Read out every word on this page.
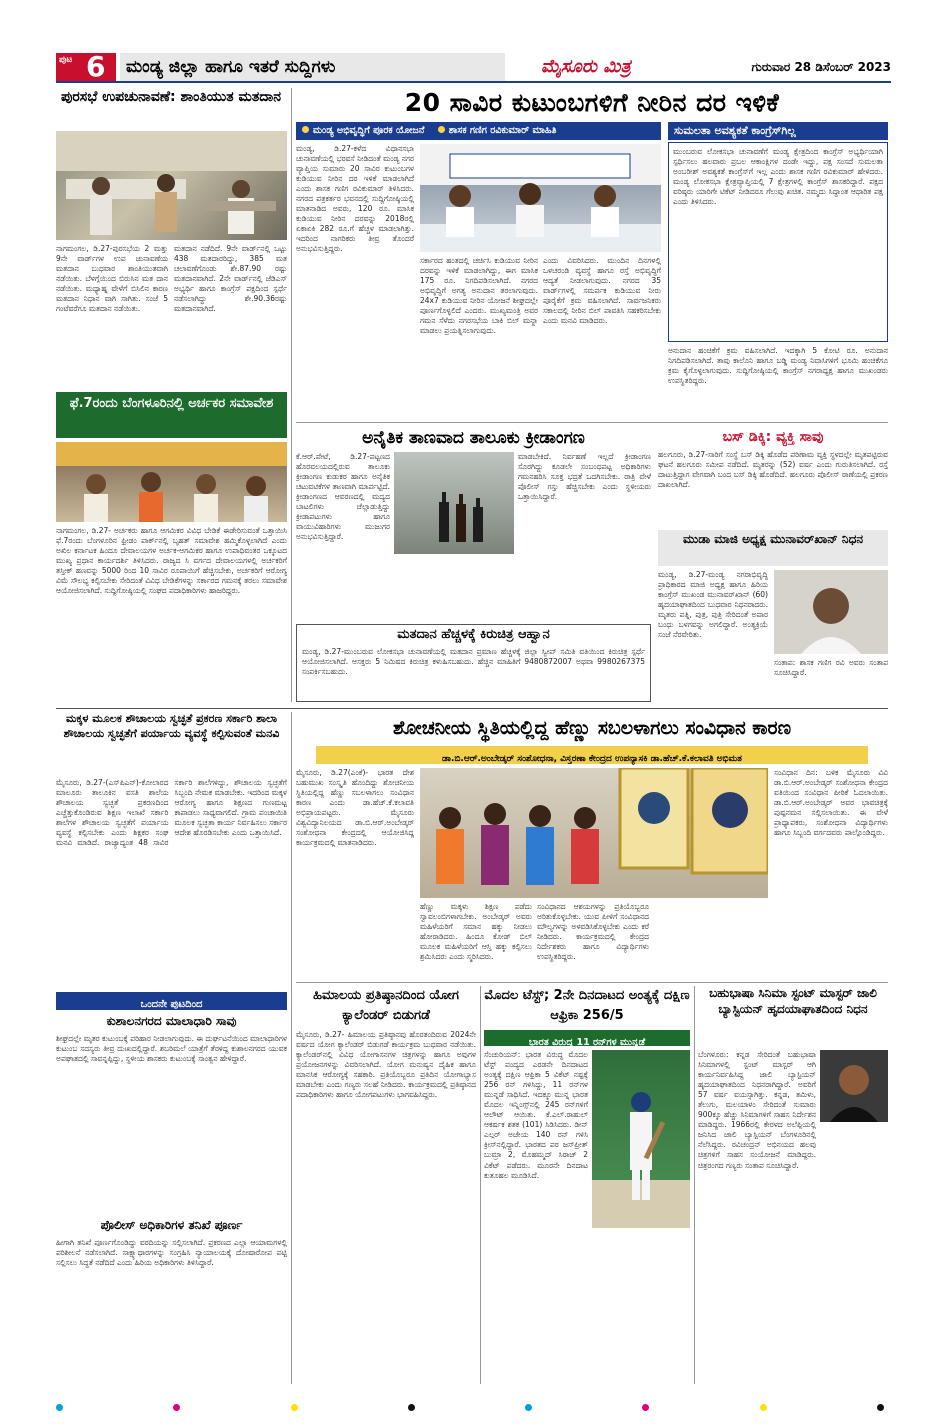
ಪುಟ 6	ಮಂಡ್ಯ ಜಿಲ್ಲಾ ಹಾಗೂ ಇತರೆ ಸುದ್ದಿಗಳು	ಮೈಸೂರು ಮಿತ್ರ	ಗುರುವಾರ 28 ಡಿಸೆಂಬರ್ 2023
ಪುರಸಭೆ ಉಪಚುನಾವಣೆ: ಶಾಂತಿಯುತ ಮತದಾನ
ನಾಗಮಂಗಲ, ಡಿ.27-ಪುರಸಭೆಯ 2 ಮತ್ತು 9ನೇ ವಾರ್ಡ್‌ಗಳ ಉಪ ಚುನಾವಣೆಯ ಮತದಾನ ಬುಧವಾರ ಶಾಂತಿಯುತವಾಗಿ ನಡೆಯಿತು. ಬೆಳಗ್ಗೆಯಿಂದ ಬಿರುಸಿನ ಮತ ದಾನ ನಡೆಯಿತು. ಮಧ್ಯಾಹ್ನ ವೇಳೆಗೆ ಬಿಸಿಲಿನ ಕಾರಣ ಮತದಾನ ನಿಧಾನ ವಾಗಿ ಸಾಗಿತು. ಸಂಜೆ 5 ಗಂಟೆವರೆಗೂ ಮತದಾನ ನಡೆಯಿತು.
ಮತದಾನ ನಡೆದಿದೆ. 9ನೇ ವಾರ್ಡ್‌ನಲ್ಲಿ ಒಟ್ಟು 438 ಮತದಾರರಿದ್ದು, 385 ಮತ ಚಲಾವಣೆಗೊಂಡು ಶೇ.87.90 ರಷ್ಟು ಮತದಾನವಾಗಿದೆ. 2ನೇ ವಾರ್ಡ್‌ನಲ್ಲಿ ಜೆಡಿಎಸ್ ಅಭ್ಯರ್ಥಿ ಹಾಗೂ ಕಾಂಗ್ರೆಸ್ ಪಕ್ಷದಿಂದ ಸ್ಪರ್ಧೆ ನಡೆಸಲಾಗಿದ್ದು ಶೇ.90.36ರಷ್ಟು ಮತದಾನವಾಗಿದೆ.
ಫೆ.7ರಂದು ಬೆಂಗಳೂರಿನಲ್ಲಿ ಅರ್ಚಕರ ಸಮಾವೇಶ
ನಾಗಮಂಗಲ, ಡಿ.27- ಅರ್ಚಕರು ಹಾಗೂ ಆಗಮಿಕರ ವಿವಿಧ ಬೇಡಿಕೆ ಈಡೇರಿಸುವಂತೆ ಒತ್ತಾಯಿಸಿ ಫೆ.7ರಂದು ಬೆಂಗಳೂರಿನ ಫ್ರೀಡಂ ಪಾರ್ಕ್‌ನಲ್ಲಿ ಬೃಹತ್ ಸಮಾವೇಶ ಹಮ್ಮಿಕೊಳ್ಳಲಾಗಿದೆ ಎಂದು ಅಖಿಲ ಕರ್ನಾಟಕ ಹಿಂದೂ ದೇವಾಲಯಗಳ ಅರ್ಚಕ-ಆಗಮಿಕರ ಹಾಗೂ ಉಪಾಧಿವಂತರ ಒಕ್ಕೂಟದ ಮುಖ್ಯ ಪ್ರಧಾನ ಕಾರ್ಯದರ್ಶಿ ತಿಳಿಸಿದರು. ರಾಜ್ಯದ ಸಿ ವರ್ಗದ ದೇವಾಲಯಗಳಲ್ಲಿ ಅರ್ಚಕರಿಗೆ ತಸ್ತೀಕ್ ಹಣವನ್ನು 5000 ರಿಂದ 10 ಸಾವಿರ ರೂಪಾಯಿಗೆ ಹೆಚ್ಚಿಸಬೇಕು, ಅರ್ಚಕರಿಗೆ ಆರೋಗ್ಯ ವಿಮೆ ಸೌಲಭ್ಯ ಕಲ್ಪಿಸಬೇಕು ಸೇರಿದಂತೆ ವಿವಿಧ ಬೇಡಿಕೆಗಳನ್ನು ಸರ್ಕಾರದ ಗಮನಕ್ಕೆ ತರಲು ಸಮಾವೇಶ ಆಯೋಜಿಸಲಾಗಿದೆ. ಸುದ್ದಿಗೋಷ್ಠಿಯಲ್ಲಿ ಸಂಘದ ಪದಾಧಿಕಾರಿಗಳು ಹಾಜರಿದ್ದರು.
20 ಸಾವಿರ ಕುಟುಂಬಗಳಿಗೆ ನೀರಿನ ದರ ಇಳಿಕೆ
ಮಂಡ್ಯ ಅಭಿವೃದ್ಧಿಗೆ ಪೂರಕ ಯೋಜನೆ	ಶಾಸಕ ಗಣಿಗ ರವಿಕುಮಾರ್ ಮಾಹಿತಿ
ಮಂಡ್ಯ, ಡಿ.27-ಕಳೆದ ವಿಧಾನಸಭಾ ಚುನಾವಣೆಯಲ್ಲಿ ಭರವಸೆ ನೀಡಿದಂತೆ ಮಂಡ್ಯ ನಗರ ವ್ಯಾಪ್ತಿಯ ಸುಮಾರು 20 ಸಾವಿರ ಕುಟುಂಬಗಳ ಕುಡಿಯುವ ನೀರಿನ ದರ ಇಳಿಕೆ ಮಾಡಲಾಗಿದೆ ಎಂದು ಶಾಸಕ ಗಣಿಗ ರವಿಕುಮಾರ್ ತಿಳಿಸಿದರು. ನಗರದ ಪತ್ರಕರ್ತರ ಭವನದಲ್ಲಿ ಸುದ್ದಿಗೋಷ್ಠಿಯಲ್ಲಿ ಮಾತನಾಡಿದ ಅವರು, 120 ರೂ. ಮಾಸಿಕ ಕುಡಿಯುವ ನೀರಿನ ದರವನ್ನು 2018ರಲ್ಲಿ ಏಕಾಏಕಿ 282 ರೂ.ಗೆ ಹೆಚ್ಚಳ ಮಾಡಲಾಗಿತ್ತು. ಇದರಿಂದ ನಾಗರಿಕರು ತೀವ್ರ ತೊಂದರೆ ಅನುಭವಿಸುತ್ತಿದ್ದರು.
ಸರ್ಕಾರದ ಹಂತದಲ್ಲಿ ಚರ್ಚಿಸಿ ಕುಡಿಯುವ ನೀರಿನ ದರವನ್ನು ಇಳಿಕೆ ಮಾಡಲಾಗಿದ್ದು, ಈಗ ಮಾಸಿಕ 175 ರೂ. ನಿಗದಿಪಡಿಸಲಾಗಿದೆ. ನಗರದ ಅಭಿವೃದ್ಧಿಗೆ ಅಗತ್ಯ ಅನುದಾನ ತರಲಾಗುವುದು. 24x7 ಕುಡಿಯುವ ನೀರಿನ ಯೋಜನೆ ಶೀಘ್ರದಲ್ಲೇ ಪೂರ್ಣಗೊಳ್ಳಲಿದೆ ಎಂದರು. ಮುಖ್ಯಮಂತ್ರಿ ಅವರ ಗಮನ ಸೆಳೆದು ನಗರಸಭೆಯ ಬಾಕಿ ಬಿಲ್ ಮನ್ನಾ ಮಾಡಲು ಪ್ರಯತ್ನಿಸಲಾಗುವುದು.
ಎಂದು ವಿವರಿಸಿದರು. ಮುಂದಿನ ದಿನಗಳಲ್ಲಿ ಒಳಚರಂಡಿ ವ್ಯವಸ್ಥೆ ಹಾಗೂ ರಸ್ತೆ ಅಭಿವೃದ್ಧಿಗೆ ಆದ್ಯತೆ ನೀಡಲಾಗುವುದು. ನಗರದ 35 ವಾರ್ಡ್‌ಗಳಲ್ಲಿ ಸಮರ್ಪಕ ಕುಡಿಯುವ ನೀರು ಪೂರೈಕೆಗೆ ಕ್ರಮ ವಹಿಸಲಾಗಿದೆ. ಸಾರ್ವಜನಿಕರು ಸಕಾಲದಲ್ಲಿ ನೀರಿನ ಬಿಲ್ ಪಾವತಿಸಿ ಸಹಕರಿಸಬೇಕು ಎಂದು ಮನವಿ ಮಾಡಿದರು.
ಸುಮಲತಾ ಅವಶ್ಯಕತೆ ಕಾಂಗ್ರೆಸ್‌ಗಿಲ್ಲ
ಮುಂಬರುವ ಲೋಕಸಭಾ ಚುನಾವಣೆಗೆ ಮಂಡ್ಯ ಕ್ಷೇತ್ರದಿಂದ ಕಾಂಗ್ರೆಸ್ ಅಭ್ಯರ್ಥಿಯಾಗಿ ಸ್ಪರ್ಧಿಸಲು ಹಲವಾರು ಪ್ರಬಲ ಆಕಾಂಕ್ಷಿಗಳ ದಂಡೇ ಇದ್ದು, ಪಕ್ಷ ಸಂಸದೆ ಸುಮಲತಾ ಅಂಬರೀಶ್ ಅವಶ್ಯಕತೆ ಕಾಂಗ್ರೆಸ್‌ಗೆ ಇಲ್ಲ ಎಂದು ಶಾಸಕ ಗಣಿಗ ರವಿಕುಮಾರ್ ಹೇಳಿದರು. ಮಂಡ್ಯ ಲೋಕಸಭಾ ಕ್ಷೇತ್ರವ್ಯಾಪ್ತಿಯಲ್ಲಿ 7 ಕ್ಷೇತ್ರಗಳಲ್ಲಿ ಕಾಂಗ್ರೆಸ್ ಶಾಸಕರಿದ್ದಾರೆ. ಪಕ್ಷದ ವರಿಷ್ಠರು ಯಾರಿಗೇ ಟಿಕೆಟ್ ನೀಡಿದರೂ ಗೆಲುವು ಖಚಿತ. ನಮ್ಮದು ಸಿದ್ಧಾಂತ ಆಧಾರಿತ ಪಕ್ಷ ಎಂದು ತಿಳಿಸಿದರು.
ಅನುದಾನ ಹಂಚಿಕೆಗೆ ಕ್ರಮ ವಹಿಸಲಾಗಿದೆ. ಇದಕ್ಕಾಗಿ 5 ಕೋಟಿ ರೂ. ಅನುದಾನ ನಿಗದಿಪಡಿಸಲಾಗಿದೆ. ತಾವು ಕಾಲೊನಿ ಹಾಗೂ ಬಡ್ಡಿ ಮಂಡ್ಯ ನಿವಾಸಿಗಳಿಗೆ ಭೂಮಿ ಹಂಚಿಕೆಗೂ ಕ್ರಮ ಕೈಗೊಳ್ಳಲಾಗುವುದು. ಸುದ್ದಿಗೋಷ್ಠಿಯಲ್ಲಿ ಕಾಂಗ್ರೆಸ್ ನಗರಾಧ್ಯಕ್ಷ ಹಾಗೂ ಮುಖಂಡರು ಉಪಸ್ಥಿತರಿದ್ದರು.
ಅನೈತಿಕ ತಾಣವಾದ ತಾಲೂಕು ಕ್ರೀಡಾಂಗಣ
ಕೆ.ಆರ್.ಪೇಟೆ, ಡಿ.27-ಪಟ್ಟಣದ ಹೊರವಲಯದಲ್ಲಿರುವ ತಾಲೂಕು ಕ್ರೀಡಾಂಗಣ ಕುಡುಕರ ಹಾಗೂ ಅನೈತಿಕ ಚಟುವಟಿಕೆಗಳ ತಾಣವಾಗಿ ಮಾರ್ಪಟ್ಟಿದೆ. ಕ್ರೀಡಾಂಗಣದ ಆವರಣದಲ್ಲಿ ಮದ್ಯದ ಬಾಟಲಿಗಳು ಚೆಲ್ಲಾಡುತ್ತಿದ್ದು ಕ್ರೀಡಾಪಟುಗಳು ಹಾಗೂ ವಾಯುವಿಹಾರಿಗಳು ಮುಜುಗರ ಅನುಭವಿಸುತ್ತಿದ್ದಾರೆ.
ಮಾಡಬೇಕಿದೆ. ನಿರ್ವಹಣೆ ಇಲ್ಲದೆ ಕ್ರೀಡಾಂಗಣ ಸೊರಗಿದ್ದು ಕೂಡಲೇ ಸಂಬಂಧಪಟ್ಟ ಅಧಿಕಾರಿಗಳು ಗಮನಹರಿಸಿ ಸೂಕ್ತ ಭದ್ರತೆ ಒದಗಿಸಬೇಕು. ರಾತ್ರಿ ವೇಳೆ ಪೊಲೀಸ್ ಗಸ್ತು ಹೆಚ್ಚಿಸಬೇಕು ಎಂದು ಸ್ಥಳೀಯರು ಒತ್ತಾಯಿಸಿದ್ದಾರೆ.
ಮತದಾನ ಹೆಚ್ಚಳಕ್ಕೆ ಕಿರುಚಿತ್ರ ಆಹ್ವಾನ
ಮಂಡ್ಯ, ಡಿ.27-ಮುಂಬರುವ ಲೋಕಸಭಾ ಚುನಾವಣೆಯಲ್ಲಿ ಮತದಾನ ಪ್ರಮಾಣ ಹೆಚ್ಚಳಕ್ಕೆ ಜಿಲ್ಲಾ ಸ್ವೀಪ್ ಸಮಿತಿ ವತಿಯಿಂದ ಕಿರುಚಿತ್ರ ಸ್ಪರ್ಧೆ ಆಯೋಜಿಸಲಾಗಿದೆ. ಆಸಕ್ತರು 5 ನಿಮಿಷದ ಕಿರುಚಿತ್ರ ಕಳುಹಿಸಬಹುದು. ಹೆಚ್ಚಿನ ಮಾಹಿತಿಗೆ 9480872007 ಅಥವಾ 9980267375 ಸಂಪರ್ಕಿಸಬಹುದು.
ಬಸ್ ಡಿಕ್ಕಿ: ವ್ಯಕ್ತಿ ಸಾವು
ಹಲಗೂರು, ಡಿ.27-ಸಾರಿಗೆ ಸಂಸ್ಥೆ ಬಸ್ ಡಿಕ್ಕಿ ಹೊಡೆದ ಪರಿಣಾಮ ವ್ಯಕ್ತಿ ಸ್ಥಳದಲ್ಲೇ ಮೃತಪಟ್ಟಿರುವ ಘಟನೆ ಹಲಗೂರು ಸಮೀಪ ನಡೆದಿದೆ. ಮೃತರನ್ನು (52) ವರ್ಷ ಎಂದು ಗುರುತಿಸಲಾಗಿದೆ. ರಸ್ತೆ ದಾಟುತ್ತಿದ್ದಾಗ ವೇಗವಾಗಿ ಬಂದ ಬಸ್ ಡಿಕ್ಕಿ ಹೊಡೆದಿದೆ. ಹಲಗೂರು ಪೊಲೀಸ್ ಠಾಣೆಯಲ್ಲಿ ಪ್ರಕರಣ ದಾಖಲಾಗಿದೆ.
ಮುಡಾ ಮಾಜಿ ಅಧ್ಯಕ್ಷ ಮುನಾವರ್‌ಖಾನ್ ನಿಧನ
ಮಂಡ್ಯ, ಡಿ.27-ಮಂಡ್ಯ ನಗರಾಭಿವೃದ್ಧಿ ಪ್ರಾಧಿಕಾರದ ಮಾಜಿ ಅಧ್ಯಕ್ಷ ಹಾಗೂ ಹಿರಿಯ ಕಾಂಗ್ರೆಸ್ ಮುಖಂಡ ಮುನಾವರ್‌ಖಾನ್ (60) ಹೃದಯಾಘಾತದಿಂದ ಬುಧವಾರ ನಿಧನರಾದರು. ಮೃತರು ಪತ್ನಿ, ಪುತ್ರ, ಪುತ್ರಿ ಸೇರಿದಂತೆ ಅಪಾರ ಬಂಧು ಬಳಗವನ್ನು ಅಗಲಿದ್ದಾರೆ. ಅಂತ್ಯಕ್ರಿಯೆ ಸಂಜೆ ನೆರವೇರಿತು.
ಸಂತಾಪ: ಶಾಸಕ ಗಣಿಗ ರವಿ ಅವರು ಸಂತಾಪ ಸೂಚಿಸಿದ್ದಾರೆ.
ಮಕ್ಕಳ ಮೂಲಕ ಶೌಚಾಲಯ ಸ್ವಚ್ಛತೆ ಪ್ರಕರಣ ಸರ್ಕಾರಿ ಶಾಲಾ ಶೌಚಾಲಯ ಸ್ವಚ್ಛತೆಗೆ ಪರ್ಯಾಯ ವ್ಯವಸ್ಥೆ ಕಲ್ಪಿಸುವಂತೆ ಮನವಿ
ಮೈಸೂರು, ಡಿ.27-(ಎಸ್‌ಪಿಎನ್)-ಕೋಲಾರದ ಮಾಲೂರು ತಾಲೂಕಿನ ವಸತಿ ಶಾಲೆಯ ಶೌಚಾಲಯ ಸ್ವಚ್ಛತೆ ಪ್ರಕರಣದಿಂದ ಎಚ್ಚೆತ್ತುಕೊಂಡಿರುವ ಶಿಕ್ಷಣ ಇಲಾಖೆ ಸರ್ಕಾರಿ ಶಾಲೆಗಳ ಶೌಚಾಲಯ ಸ್ವಚ್ಛತೆಗೆ ಪರ್ಯಾಯ ವ್ಯವಸ್ಥೆ ಕಲ್ಪಿಸಬೇಕು ಎಂದು ಶಿಕ್ಷಕರ ಸಂಘ ಮನವಿ ಮಾಡಿದೆ. ರಾಜ್ಯಾದ್ಯಂತ 48 ಸಾವಿರ ಸರ್ಕಾರಿ ಶಾಲೆಗಳಿದ್ದು, ಶೌಚಾಲಯ ಸ್ವಚ್ಛತೆಗೆ ಸಿಬ್ಬಂದಿ ನೇಮಕ ಮಾಡಬೇಕು. ಇದರಿಂದ ಮಕ್ಕಳ ಆರೋಗ್ಯ ಹಾಗೂ ಶಿಕ್ಷಣದ ಗುಣಮಟ್ಟ ಕಾಪಾಡಲು ಸಾಧ್ಯವಾಗಲಿದೆ. ಗ್ರಾಮ ಪಂಚಾಯಿತಿ ಮೂಲಕ ಸ್ವಚ್ಛತಾ ಕಾರ್ಯ ನಿರ್ವಹಿಸಲು ಸರ್ಕಾರ ಆದೇಶ ಹೊರಡಿಸಬೇಕು ಎಂದು ಒತ್ತಾಯಿಸಿದೆ.
ಒಂದನೇ ಪುಟದಿಂದ
ಕುಶಾಲನಗರದ ಮಾಲಾಧಾರಿ ಸಾವು
ಶೀಘ್ರದಲ್ಲೇ ಮೃತರ ಕುಟುಂಬಕ್ಕೆ ಪರಿಹಾರ ನೀಡಲಾಗುವುದು. ಈ ದುರ್ಘಟನೆಯಿಂದ ಮಾಲಾಧಾರಿಗಳ ಕುಟುಂಬ ಸದಸ್ಯರು ತೀವ್ರ ದುಃಖದಲ್ಲಿದ್ದಾರೆ. ಶಬರಿಮಲೆ ಯಾತ್ರೆಗೆ ತೆರಳಿದ್ದ ಕುಶಾಲನಗರದ ಯುವಕ ಅಪಘಾತದಲ್ಲಿ ಸಾವನ್ನಪ್ಪಿದ್ದು, ಸ್ಥಳೀಯ ಶಾಸಕರು ಕುಟುಂಬಕ್ಕೆ ಸಾಂತ್ವನ ಹೇಳಿದ್ದಾರೆ.
ಪೊಲೀಸ್ ಅಧಿಕಾರಿಗಳ ತನಿಖೆ ಪೂರ್ಣ
ಹೀಗಾಗಿ ತನಿಖೆ ಪೂರ್ಣಗೊಂಡಿದ್ದು ವರದಿಯನ್ನು ಸಲ್ಲಿಸಲಾಗಿದೆ. ಪ್ರಕರಣದ ಎಲ್ಲಾ ಆಯಾಮಗಳಲ್ಲಿ ಪರಿಶೀಲನೆ ನಡೆಸಲಾಗಿದೆ. ಸಾಕ್ಷ್ಯಾಧಾರಗಳನ್ನು ಸಂಗ್ರಹಿಸಿ ನ್ಯಾಯಾಲಯಕ್ಕೆ ದೋಷಾರೋಪ ಪಟ್ಟಿ ಸಲ್ಲಿಸಲು ಸಿದ್ಧತೆ ನಡೆದಿದೆ ಎಂದು ಹಿರಿಯ ಅಧಿಕಾರಿಗಳು ತಿಳಿಸಿದ್ದಾರೆ.
ಶೋಚನೀಯ ಸ್ಥಿತಿಯಲ್ಲಿದ್ದ ಹೆಣ್ಣು ಸಬಲಳಾಗಲು ಸಂವಿಧಾನ ಕಾರಣ
ಡಾ.ಬಿ.ಆರ್.ಅಂಬೇಡ್ಕರ್ ಸಂಶೋಧನಾ, ವಿಸ್ತರಣಾ ಕೇಂದ್ರದ ಉಪನ್ಯಾಸಕಿ ಡಾ.ಹೆಚ್.ಕೆ.ಕಲಾವತಿ ಅಭಿಮತ
ಮೈಸೂರು, ಡಿ.27(ಎಂಕೆ)- ಭಾರತ ದೇಶ ಬಹುಮುಖ ಸಂಸ್ಕೃತಿ ಹೊಂದಿದ್ದು ಶೋಚನೀಯ ಸ್ಥಿತಿಯಲ್ಲಿದ್ದ ಹೆಣ್ಣು ಸಬಲಳಾಗಲು ಸಂವಿಧಾನ ಕಾರಣ ಎಂದು ಡಾ.ಹೆಚ್.ಕೆ.ಕಲಾವತಿ ಅಭಿಪ್ರಾಯಪಟ್ಟರು. ಮೈಸೂರು ವಿಶ್ವವಿದ್ಯಾನಿಲಯದ ಡಾ.ಬಿ.ಆರ್.ಅಂಬೇಡ್ಕರ್ ಸಂಶೋಧನಾ ಕೇಂದ್ರದಲ್ಲಿ ಆಯೋಜಿಸಿದ್ದ ಕಾರ್ಯಕ್ರಮದಲ್ಲಿ ಮಾತನಾಡಿದರು.
ಹೆಣ್ಣು ಮಕ್ಕಳು ಶಿಕ್ಷಣ ಪಡೆದು ಸ್ವಾವಲಂಬಿಗಳಾಗಬೇಕು. ಅಂಬೇಡ್ಕರ್ ಅವರು ಮಹಿಳೆಯರಿಗೆ ಸಮಾನ ಹಕ್ಕು ನೀಡಲು ಹೋರಾಡಿದರು. ಹಿಂದೂ ಕೋಡ್ ಬಿಲ್ ಮೂಲಕ ಮಹಿಳೆಯರಿಗೆ ಆಸ್ತಿ ಹಕ್ಕು ಕಲ್ಪಿಸಲು ಶ್ರಮಿಸಿದರು ಎಂದು ಸ್ಮರಿಸಿದರು.
ಸಂವಿಧಾನದ ಆಶಯಗಳನ್ನು ಪ್ರತಿಯೊಬ್ಬರೂ ಅರಿತುಕೊಳ್ಳಬೇಕು. ಯುವ ಪೀಳಿಗೆ ಸಂವಿಧಾನದ ಮೌಲ್ಯಗಳನ್ನು ಅಳವಡಿಸಿಕೊಳ್ಳಬೇಕು ಎಂದು ಕರೆ ನೀಡಿದರು. ಕಾರ್ಯಕ್ರಮದಲ್ಲಿ ಕೇಂದ್ರದ ನಿರ್ದೇಶಕರು ಹಾಗೂ ವಿದ್ಯಾರ್ಥಿಗಳು ಉಪಸ್ಥಿತರಿದ್ದರು.
ಸಂವಿಧಾನ ದಿನ: ಬಳಿಕ ಮೈಸೂರು ವಿವಿ ಡಾ.ಬಿ.ಆರ್.ಅಂಬೇಡ್ಕರ್ ಸಂಶೋಧನಾ ಕೇಂದ್ರದ ವತಿಯಿಂದ ಸಂವಿಧಾನ ಪೀಠಿಕೆ ಓದಲಾಯಿತು. ಡಾ.ಬಿ.ಆರ್.ಅಂಬೇಡ್ಕರ್ ಅವರ ಭಾವಚಿತ್ರಕ್ಕೆ ಪುಷ್ಪನಮನ ಸಲ್ಲಿಸಲಾಯಿತು. ಈ ವೇಳೆ ಪ್ರಾಧ್ಯಾಪಕರು, ಸಂಶೋಧನಾ ವಿದ್ಯಾರ್ಥಿಗಳು ಹಾಗೂ ಸಿಬ್ಬಂದಿ ವರ್ಗದವರು ಪಾಲ್ಗೊಂಡಿದ್ದರು.
ಹಿಮಾಲಯ ಪ್ರತಿಷ್ಠಾನದಿಂದ ಯೋಗ ಕ್ಯಾಲೆಂಡರ್ ಬಿಡುಗಡೆ
ಮೈಸೂರು, ಡಿ.27- ಹಿಮಾಲಯ ಪ್ರತಿಷ್ಠಾನವು ಹೊರತಂದಿರುವ 2024ನೇ ವರ್ಷದ ಯೋಗ ಕ್ಯಾಲೆಂಡರ್ ಬಿಡುಗಡೆ ಕಾರ್ಯಕ್ರಮ ಬುಧವಾರ ನಡೆಯಿತು. ಕ್ಯಾಲೆಂಡರ್‌ನಲ್ಲಿ ವಿವಿಧ ಯೋಗಾಸನಗಳ ಚಿತ್ರಗಳನ್ನು ಹಾಗೂ ಅವುಗಳ ಪ್ರಯೋಜನಗಳನ್ನು ವಿವರಿಸಲಾಗಿದೆ. ಯೋಗ ಮನುಷ್ಯನ ದೈಹಿಕ ಹಾಗೂ ಮಾನಸಿಕ ಆರೋಗ್ಯಕ್ಕೆ ಸಹಕಾರಿ. ಪ್ರತಿಯೊಬ್ಬರೂ ಪ್ರತಿದಿನ ಯೋಗಾಭ್ಯಾಸ ಮಾಡಬೇಕು ಎಂದು ಗಣ್ಯರು ಸಲಹೆ ನೀಡಿದರು. ಕಾರ್ಯಕ್ರಮದಲ್ಲಿ ಪ್ರತಿಷ್ಠಾನದ ಪದಾಧಿಕಾರಿಗಳು ಹಾಗೂ ಯೋಗಪಟುಗಳು ಭಾಗವಹಿಸಿದ್ದರು.
ಮೊದಲ ಟೆಸ್ಟ್; 2ನೇ ದಿನದಾಟದ ಅಂತ್ಯಕ್ಕೆ ದಕ್ಷಿಣ ಆಫ್ರಿಕಾ 256/5
ಭಾರತ ವಿರುದ್ಧ 11 ರನ್‌ಗಳ ಮುನ್ನಡೆ
ಸೆಂಚುರಿಯನ್: ಭಾರತ ವಿರುದ್ಧ ಮೊದಲ ಟೆಸ್ಟ್ ಪಂದ್ಯದ ಎರಡನೇ ದಿನದಾಟದ ಅಂತ್ಯಕ್ಕೆ ದಕ್ಷಿಣ ಆಫ್ರಿಕಾ 5 ವಿಕೆಟ್ ನಷ್ಟಕ್ಕೆ 256 ರನ್ ಗಳಿಸಿದ್ದು, 11 ರನ್‌ಗಳ ಮುನ್ನಡೆ ಸಾಧಿಸಿದೆ. ಇದಕ್ಕೂ ಮುನ್ನ ಭಾರತ ಮೊದಲ ಇನ್ನಿಂಗ್ಸ್‌ನಲ್ಲಿ 245 ರನ್‌ಗಳಿಗೆ ಆಲೌಟ್ ಆಯಿತು. ಕೆ.ಎಲ್.ರಾಹುಲ್ ಆಕರ್ಷಕ ಶತಕ (101) ಸಿಡಿಸಿದರು. ಡೀನ್ ಎಲ್ಗರ್ ಅಜೇಯ 140 ರನ್ ಗಳಿಸಿ ಕ್ರೀಸ್‌ನಲ್ಲಿದ್ದಾರೆ. ಭಾರತದ ಪರ ಜಸ್‌ಪ್ರೀತ್ ಬುಮ್ರಾ 2, ಮೊಹಮ್ಮದ್ ಸಿರಾಜ್ 2 ವಿಕೆಟ್ ಪಡೆದರು. ಮೂರನೇ ದಿನದಾಟ ಕುತೂಹಲ ಮೂಡಿಸಿದೆ.
ಬಹುಭಾಷಾ ಸಿನಿಮಾ ಸ್ಟಂಟ್ ಮಾಸ್ಟರ್ ಜಾಲಿ ಬ್ಯಾಸ್ಟಿಯನ್ ಹೃದಯಾಘಾತದಿಂದ ನಿಧನ
ಬೆಂಗಳೂರು: ಕನ್ನಡ ಸೇರಿದಂತೆ ಬಹುಭಾಷಾ ಸಿನಿಮಾಗಳಲ್ಲಿ ಸ್ಟಂಟ್ ಮಾಸ್ಟರ್ ಆಗಿ ಕಾರ್ಯನಿರ್ವಹಿಸಿದ್ದ ಜಾಲಿ ಬ್ಯಾಸ್ಟಿಯನ್ ಹೃದಯಾಘಾತದಿಂದ ನಿಧನರಾಗಿದ್ದಾರೆ. ಅವರಿಗೆ 57 ವರ್ಷ ವಯಸ್ಸಾಗಿತ್ತು. ಕನ್ನಡ, ತಮಿಳು, ತೆಲುಗು, ಮಲಯಾಳಂ ಸೇರಿದಂತೆ ಸುಮಾರು 900ಕ್ಕೂ ಹೆಚ್ಚು ಸಿನಿಮಾಗಳಿಗೆ ಸಾಹಸ ನಿರ್ದೇಶನ ಮಾಡಿದ್ದರು. 1966ರಲ್ಲಿ ಕೇರಳದ ಅಲೆಪ್ಪಿಯಲ್ಲಿ ಜನಿಸಿದ ಜಾಲಿ ಬ್ಯಾಸ್ಟಿಯನ್ ಬೆಂಗಳೂರಿನಲ್ಲಿ ನೆಲೆಸಿದ್ದರು. ರವಿಚಂದ್ರನ್ ಅಭಿನಯದ ಹಲವು ಚಿತ್ರಗಳಿಗೆ ಸಾಹಸ ಸಂಯೋಜನೆ ಮಾಡಿದ್ದರು. ಚಿತ್ರರಂಗದ ಗಣ್ಯರು ಸಂತಾಪ ಸೂಚಿಸಿದ್ದಾರೆ.
